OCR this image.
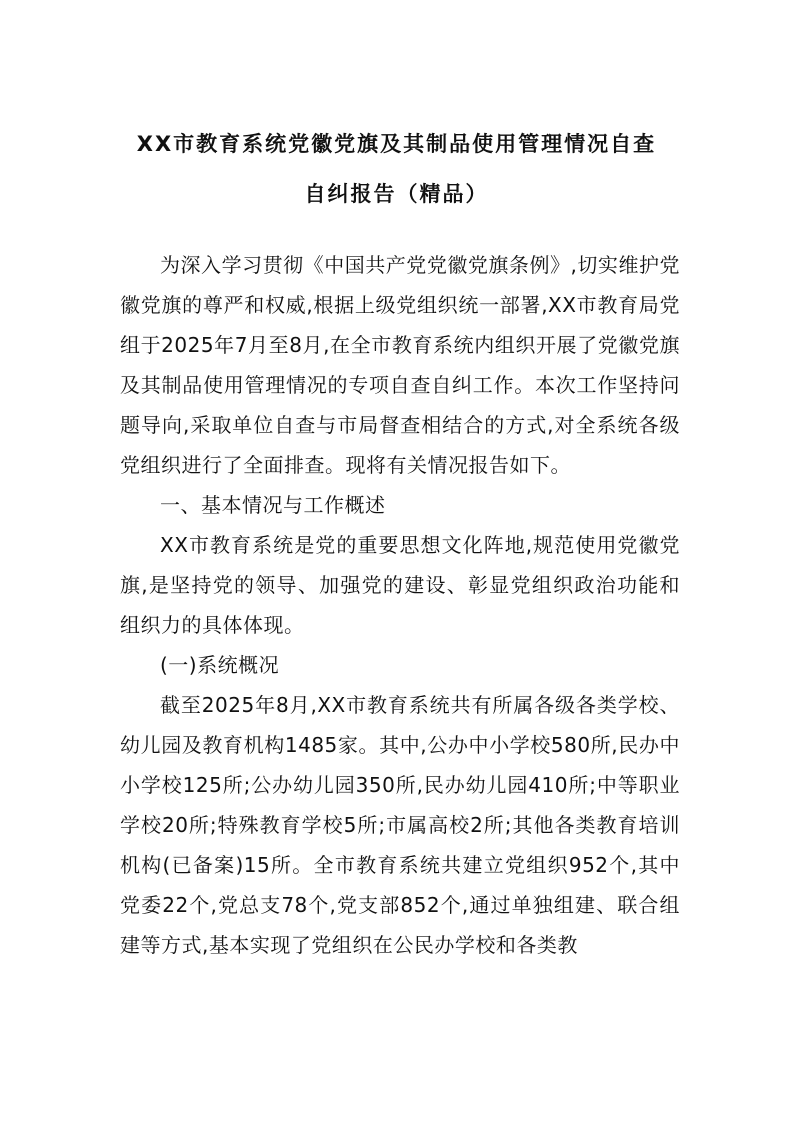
XX市教育系统党徽党旗及其制品使用管理情况自查
自纠报告（精品）

为深入学习贯彻《中国共产党党徽党旗条例》,切实维护党徽党旗的尊严和权威,根据上级党组织统一部署,XX市教育局党组于2025年7月至8月,在全市教育系统内组织开展了党徽党旗及其制品使用管理情况的专项自查自纠工作。本次工作坚持问题导向,采取单位自查与市局督查相结合的方式,对全系统各级党组织进行了全面排查。现将有关情况报告如下。

一、基本情况与工作概述

XX市教育系统是党的重要思想文化阵地,规范使用党徽党旗,是坚持党的领导、加强党的建设、彰显党组织政治功能和组织力的具体体现。

(一)系统概况

截至2025年8月,XX市教育系统共有所属各级各类学校、幼儿园及教育机构1485家。其中,公办中小学校580所,民办中小学校125所;公办幼儿园350所,民办幼儿园410所;中等职业学校20所;特殊教育学校5所;市属高校2所;其他各类教育培训机构(已备案)15所。全市教育系统共建立党组织952个,其中党委22个,党总支78个,党支部852个,通过单独组建、联合组建等方式,基本实现了党组织在公民办学校和各类教
